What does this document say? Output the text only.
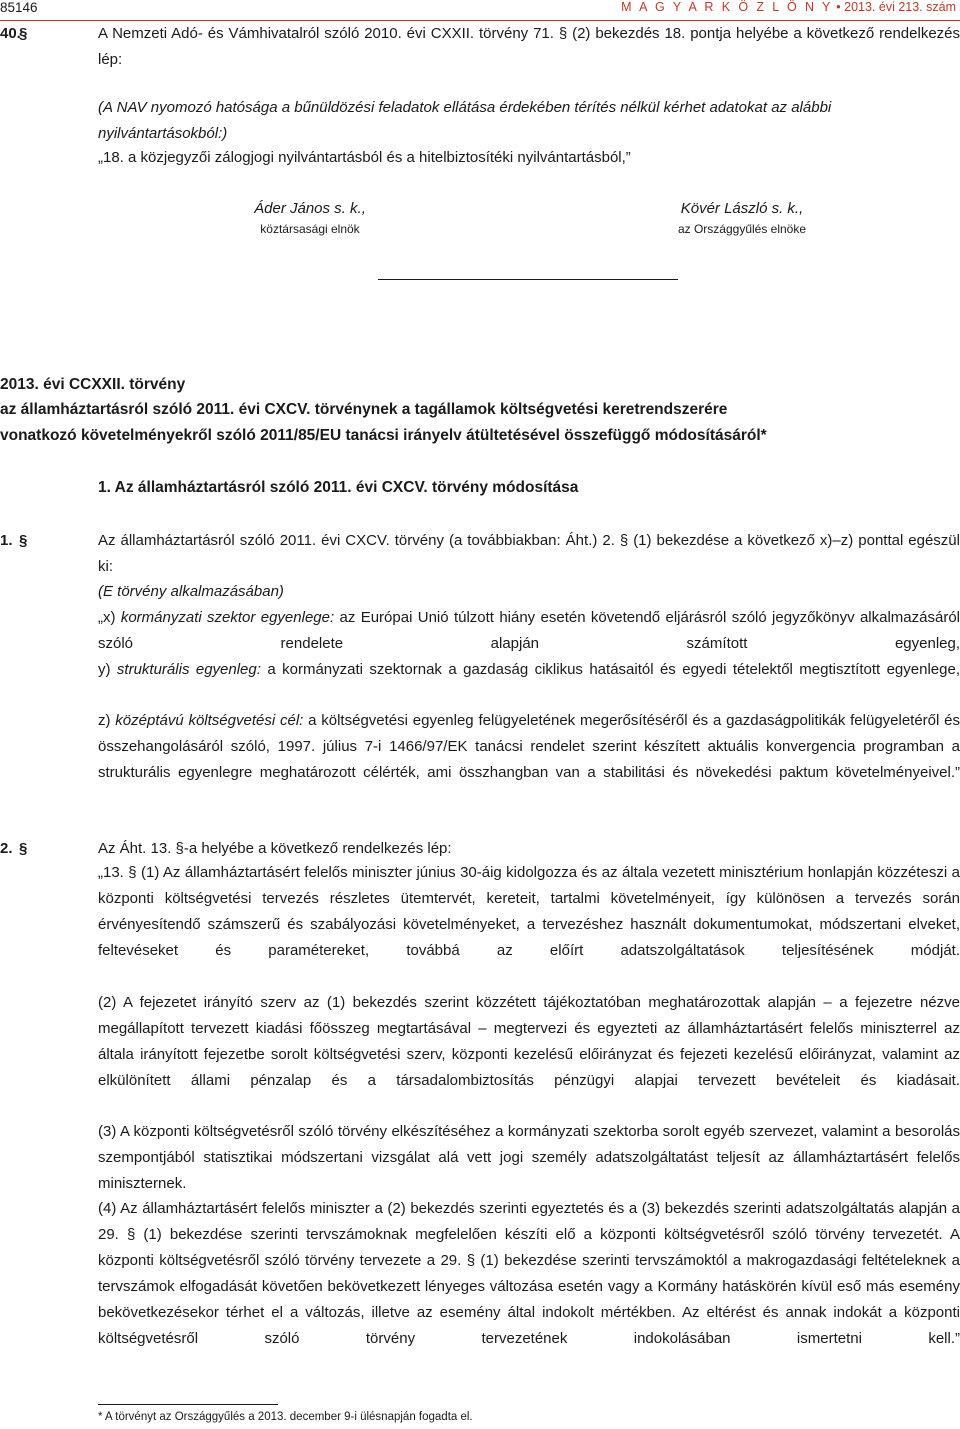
85146	M A G Y A R K Ö Z L Ö N Y • 2013. évi 213. szám
40.
§	A Nemzeti Adó- és Vámhivatalról szóló 2010. évi CXXII. törvény 71. § (2) bekezdés 18. pontja helyébe a következő rendelkezés lép:

(A NAV nyomozó hatósága a bűnüldözési feladatok ellátása érdekében térítés nélkül kérhet adatokat az alábbi nyilvántartásokból:)

„18. a közjegyzői zálogjogi nyilvántartásból és a hitelbiztosítéki nyilvántartásból,”

Áder János s. k.,
köztársasági elnök
Kövér László s. k.,
az Országgyűlés elnöke
2013. évi CCXXII. törvény
az államháztartásról szóló 2011. évi CXCV. törvénynek a tagállamok költségvetési keretrendszerére
vonatkozó követelményekről szóló 2011/85/EU tanácsi irányelv átültetésével összefüggő módosításáról*
1. Az államháztartásról szóló 2011. évi CXCV. törvény módosítása
1. §	Az államháztartásról szóló 2011. évi CXCV. törvény (a továbbiakban: Áht.) 2. § (1) bekezdése a következő x)–z) ponttal egészül ki:

(E törvény alkalmazásában)

„x) kormányzati szektor egyenlege: az Európai Unió túlzott hiány esetén követendő eljárásról szóló jegyzőkönyv alkalmazásáról szóló rendelete alapján számított egyenleg,

y) strukturális egyenleg: a kormányzati szektornak a gazdaság ciklikus hatásaitól és egyedi tételektől megtisztított egyenlege,

z) középtávú költségvetési cél: a költségvetési egyenleg felügyeletének megerősítéséről és a gazdaságpolitikák felügyeletéről és összehangolásáról szóló, 1997. július 7-i 1466/97/EK tanácsi rendelet szerint készített aktuális konvergencia programban a strukturális egyenlegre meghatározott célérték, ami összhangban van a stabilitási és növekedési paktum követelményeivel.”

2. §	Az Áht. 13. §-a helyébe a következő rendelkezés lép:

„13. § (1) Az államháztartásért felelős miniszter június 30-áig kidolgozza és az általa vezetett minisztérium honlapján közzéteszi a központi költségvetési tervezés részletes ütemtervét, kereteit, tartalmi követelményeit, így különösen a tervezés során érvényesítendő számszerű és szabályozási követelményeket, a tervezéshez használt dokumentumokat, módszertani elveket, feltevéseket és paramétereket, továbbá az előírt adatszolgáltatások teljesítésének módját.

(2) A fejezetet irányító szerv az (1) bekezdés szerint közzétett tájékoztatóban meghatározottak alapján – a fejezetre nézve megállapított tervezett kiadási főösszeg megtartásával – megtervezi és egyezteti az államháztartásért felelős miniszterrel az általa irányított fejezetbe sorolt költségvetési szerv, központi kezelésű előirányzat és fejezeti kezelésű előirányzat, valamint az elkülönített állami pénzalap és a társadalombiztosítás pénzügyi alapjai tervezett bevételeit és kiadásait.

(3) A központi költségvetésről szóló törvény elkészítéséhez a kormányzati szektorba sorolt egyéb szervezet, valamint a besorolás szempontjából statisztikai módszertani vizsgálat alá vett jogi személy adatszolgáltatást teljesít az államháztartásért felelős miniszternek.

(4) Az államháztartásért felelős miniszter a (2) bekezdés szerinti egyeztetés és a (3) bekezdés szerinti adatszolgáltatás alapján a 29. § (1) bekezdése szerinti tervszámoknak megfelelően készíti elő a központi költségvetésről szóló törvény tervezetét. A központi költségvetésről szóló törvény tervezete a 29. § (1) bekezdése szerinti tervszámoktól a makrogazdasági feltételeknek a tervszámok elfogadását követően bekövetkezett lényeges változása esetén vagy a Kormány hatáskörén kívül eső más esemény bekövetkezésekor térhet el a változás, illetve az esemény által indokolt mértékben. Az eltérést és annak indokát a központi költségvetésről szóló törvény tervezetének indokolásában ismertetni kell.”

* A törvényt az Országgyűlés a 2013. december 9-i ülésnapján fogadta el.
